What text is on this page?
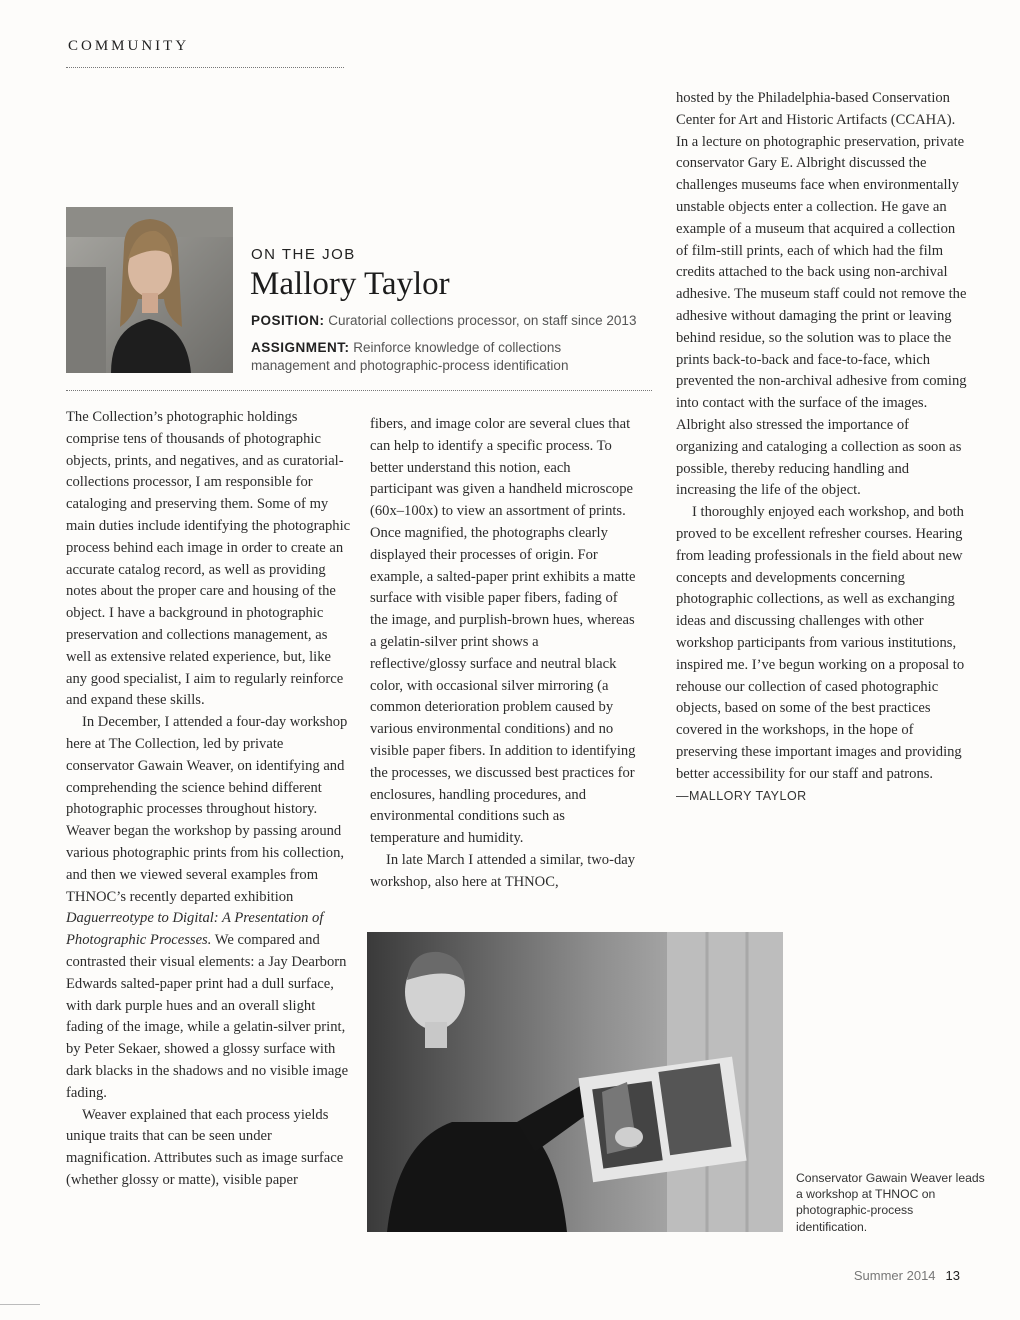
COMMUNITY
ON THE JOB
Mallory Taylor
POSITION: Curatorial collections processor, on staff since 2013
ASSIGNMENT: Reinforce knowledge of collections
management and photographic-process identification

The Collection’s photographic holdings comprise tens of thousands of photographic objects, prints, and negatives, and as curatorial-collections processor, I am responsible for cataloging and preserving them. Some of my main duties include identifying the photographic process behind each image in order to create an accurate catalog record, as well as providing notes about the proper care and housing of the object. I have a background in photographic preservation and collections management, as well as extensive related experience, but, like any good specialist, I aim to regularly reinforce and expand these skills.

In December, I attended a four-day workshop here at The Collection, led by private conservator Gawain Weaver, on identifying and comprehending the science behind different photographic processes throughout history. Weaver began the workshop by passing around various photographic prints from his collection, and then we viewed several examples from THNOC’s recently departed exhibition Daguerreotype to Digital: A Presentation of Photographic Processes. We compared and contrasted their visual elements: a Jay Dearborn Edwards salted-paper print had a dull surface, with dark purple hues and an overall slight fading of the image, while a gelatin-silver print, by Peter Sekaer, showed a glossy surface with dark blacks in the shadows and no visible image fading.

Weaver explained that each process yields unique traits that can be seen under magnification. Attributes such as image surface (whether glossy or matte), visible paper

fibers, and image color are several clues that can help to identify a specific process. To better understand this notion, each participant was given a handheld microscope (60x–100x) to view an assortment of prints. Once magnified, the photographs clearly displayed their processes of origin. For example, a salted-paper print exhibits a matte surface with visible paper fibers, fading of the image, and purplish-brown hues, whereas a gelatin-silver print shows a reflective/glossy surface and neutral black color, with occasional silver mirroring (a common deterioration problem caused by various environmental conditions) and no visible paper fibers. In addition to identifying the processes, we discussed best practices for enclosures, handling procedures, and environmental conditions such as temperature and humidity.

In late March I attended a similar, two-day workshop, also here at THNOC,

hosted by the Philadelphia-based Conservation Center for Art and Historic Artifacts (CCAHA). In a lecture on photographic preservation, private conservator Gary E. Albright discussed the challenges museums face when environmentally unstable objects enter a collection. He gave an example of a museum that acquired a collection of film-still prints, each of which had the film credits attached to the back using non-archival adhesive. The museum staff could not remove the adhesive without damaging the print or leaving behind residue, so the solution was to place the prints back-to-back and face-to-face, which prevented the non-archival adhesive from coming into contact with the surface of the images. Albright also stressed the importance of organizing and cataloging a collection as soon as possible, thereby reducing handling and increasing the life of the object.

I thoroughly enjoyed each workshop, and both proved to be excellent refresher courses. Hearing from leading professionals in the field about new concepts and developments concerning photographic collections, as well as exchanging ideas and discussing challenges with other workshop participants from various institutions, inspired me. I’ve begun working on a proposal to rehouse our collection of cased photographic objects, based on some of the best practices covered in the workshops, in the hope of preserving these important images and providing better accessibility for our staff and patrons.

—MALLORY TAYLOR

Conservator Gawain Weaver leads a workshop at THNOC on photographic-process identification.
Summer 2014 13
